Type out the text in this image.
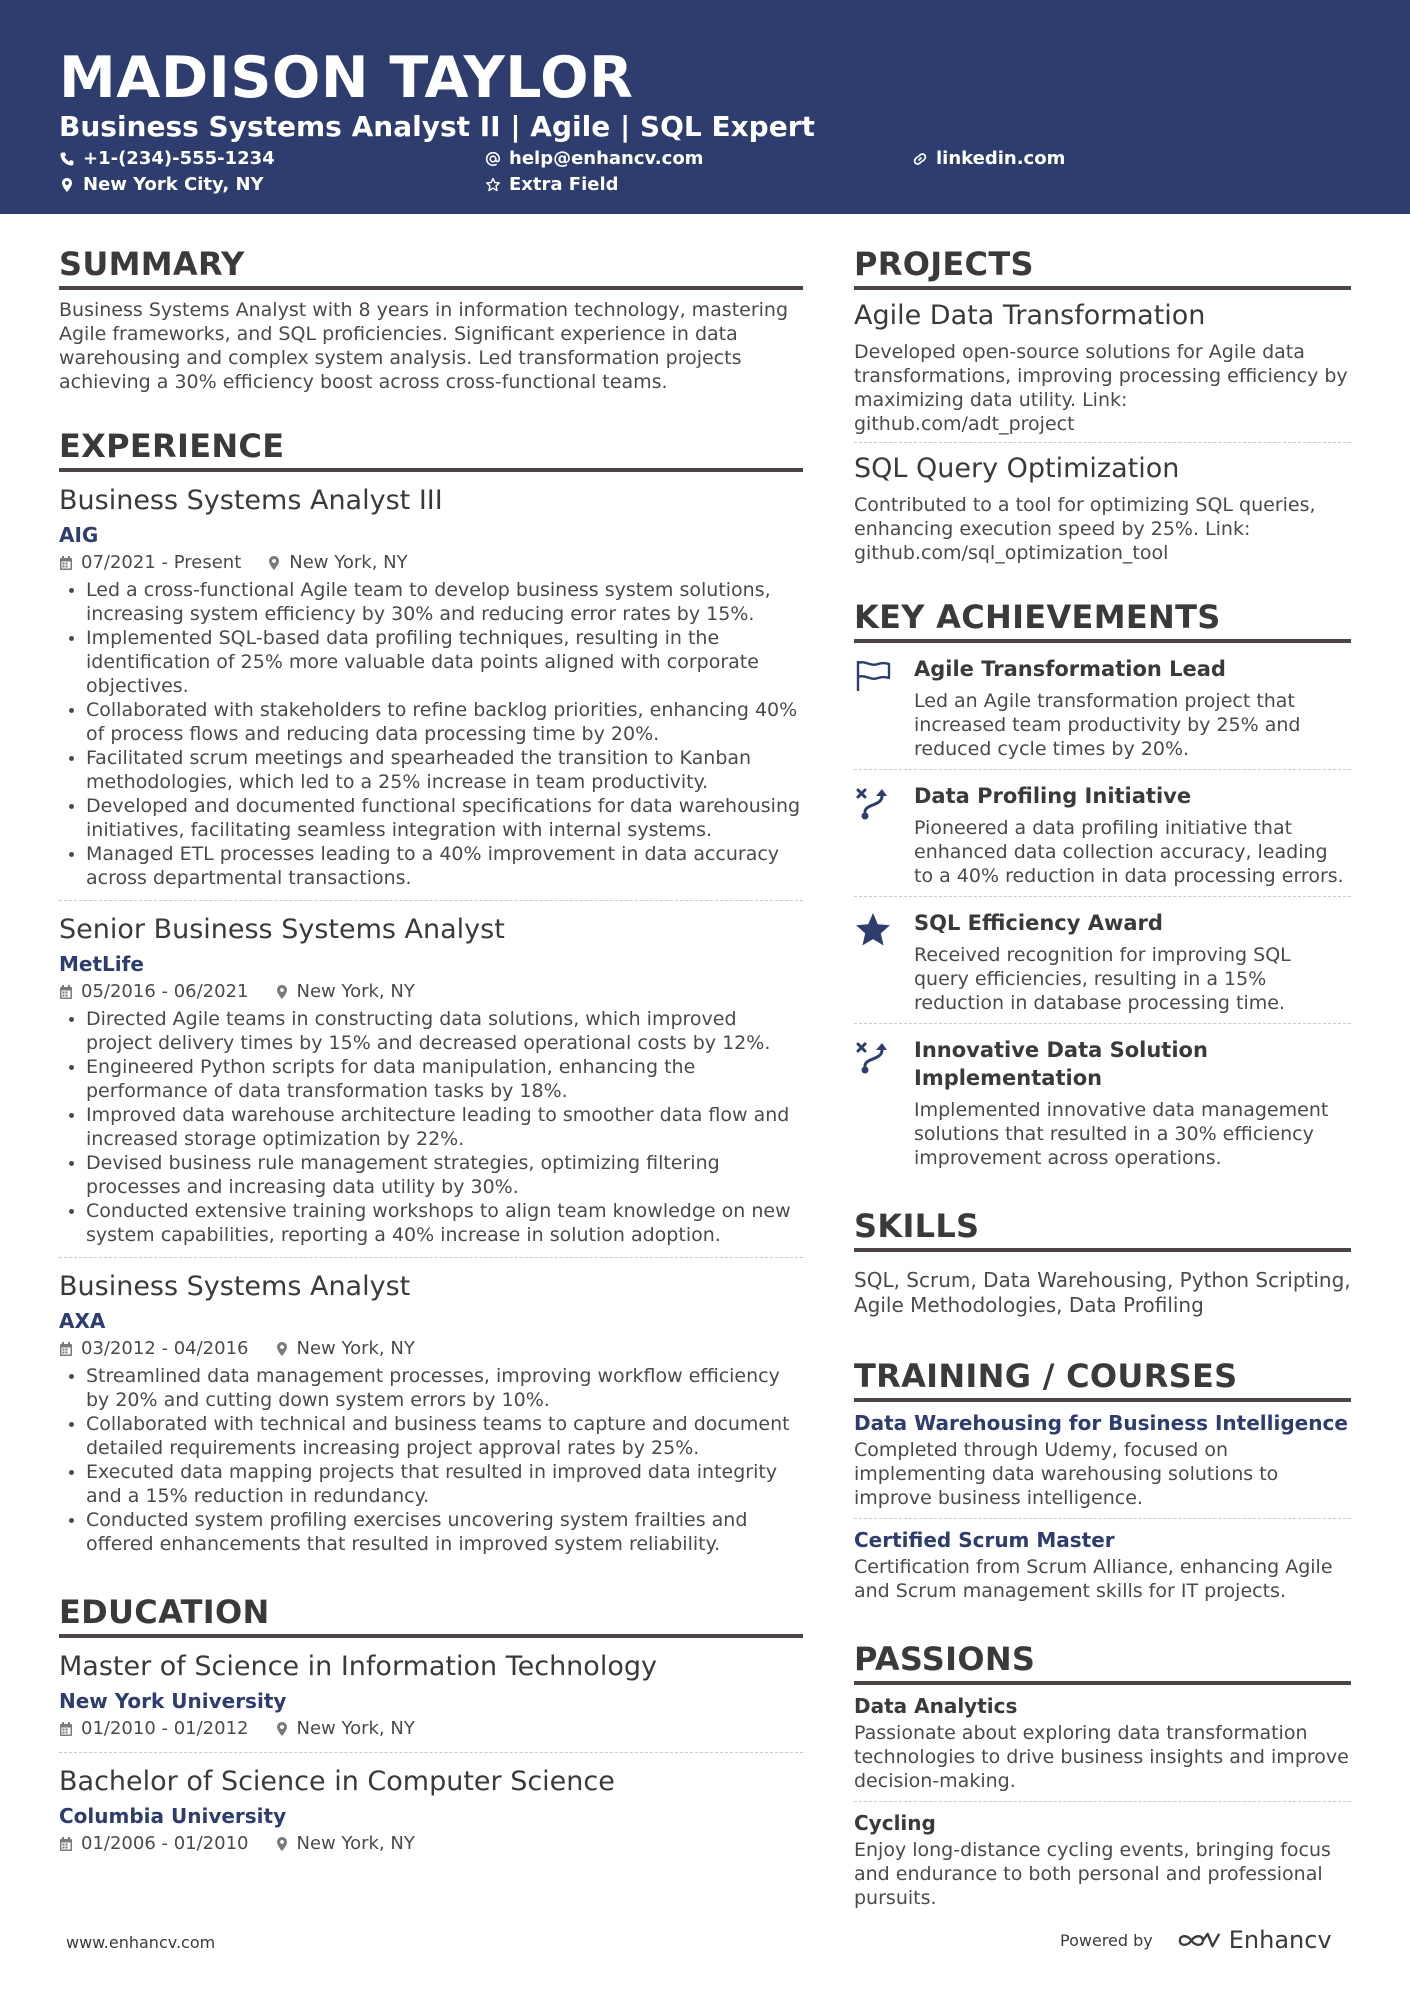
MADISON TAYLOR
Business Systems Analyst II | Agile | SQL Expert
+1-(234)-555-1234	help@enhancv.com	linkedin.com
New York City, NY	Extra Field
SUMMARY
Business Systems Analyst with 8 years in information technology, mastering Agile frameworks, and SQL proficiencies. Significant experience in data warehousing and complex system analysis. Led transformation projects achieving a 30% efficiency boost across cross-functional teams.
EXPERIENCE
Business Systems Analyst III
AIG
07/2021 - Present	New York, NY
Led a cross-functional Agile team to develop business system solutions, increasing system efficiency by 30% and reducing error rates by 15%.
Implemented SQL-based data profiling techniques, resulting in the identification of 25% more valuable data points aligned with corporate objectives.
Collaborated with stakeholders to refine backlog priorities, enhancing 40% of process flows and reducing data processing time by 20%.
Facilitated scrum meetings and spearheaded the transition to Kanban methodologies, which led to a 25% increase in team productivity.
Developed and documented functional specifications for data warehousing initiatives, facilitating seamless integration with internal systems.
Managed ETL processes leading to a 40% improvement in data accuracy across departmental transactions.
Senior Business Systems Analyst
MetLife
05/2016 - 06/2021	New York, NY
Directed Agile teams in constructing data solutions, which improved project delivery times by 15% and decreased operational costs by 12%.
Engineered Python scripts for data manipulation, enhancing the performance of data transformation tasks by 18%.
Improved data warehouse architecture leading to smoother data flow and increased storage optimization by 22%.
Devised business rule management strategies, optimizing filtering processes and increasing data utility by 30%.
Conducted extensive training workshops to align team knowledge on new system capabilities, reporting a 40% increase in solution adoption.
Business Systems Analyst
AXA
03/2012 - 04/2016	New York, NY
Streamlined data management processes, improving workflow efficiency by 20% and cutting down system errors by 10%.
Collaborated with technical and business teams to capture and document detailed requirements increasing project approval rates by 25%.
Executed data mapping projects that resulted in improved data integrity and a 15% reduction in redundancy.
Conducted system profiling exercises uncovering system frailties and offered enhancements that resulted in improved system reliability.
EDUCATION
Master of Science in Information Technology
New York University
01/2010 - 01/2012	New York, NY
Bachelor of Science in Computer Science
Columbia University
01/2006 - 01/2010	New York, NY
PROJECTS
Agile Data Transformation
Developed open-source solutions for Agile data transformations, improving processing efficiency by maximizing data utility. Link: github.com/adt_project
SQL Query Optimization
Contributed to a tool for optimizing SQL queries, enhancing execution speed by 25%. Link: github.com/sql_optimization_tool
KEY ACHIEVEMENTS
Agile Transformation Lead
Led an Agile transformation project that increased team productivity by 25% and reduced cycle times by 20%.
Data Profiling Initiative
Pioneered a data profiling initiative that enhanced data collection accuracy, leading to a 40% reduction in data processing errors.
SQL Efficiency Award
Received recognition for improving SQL query efficiencies, resulting in a 15% reduction in database processing time.
Innovative Data Solution Implementation
Implemented innovative data management solutions that resulted in a 30% efficiency improvement across operations.
SKILLS
SQL, Scrum, Data Warehousing, Python Scripting, Agile Methodologies, Data Profiling
TRAINING / COURSES
Data Warehousing for Business Intelligence
Completed through Udemy, focused on implementing data warehousing solutions to improve business intelligence.
Certified Scrum Master
Certification from Scrum Alliance, enhancing Agile and Scrum management skills for IT projects.
PASSIONS
Data Analytics
Passionate about exploring data transformation technologies to drive business insights and improve decision-making.
Cycling
Enjoy long-distance cycling events, bringing focus and endurance to both personal and professional pursuits.
www.enhancv.com	Powered by	Enhancv
